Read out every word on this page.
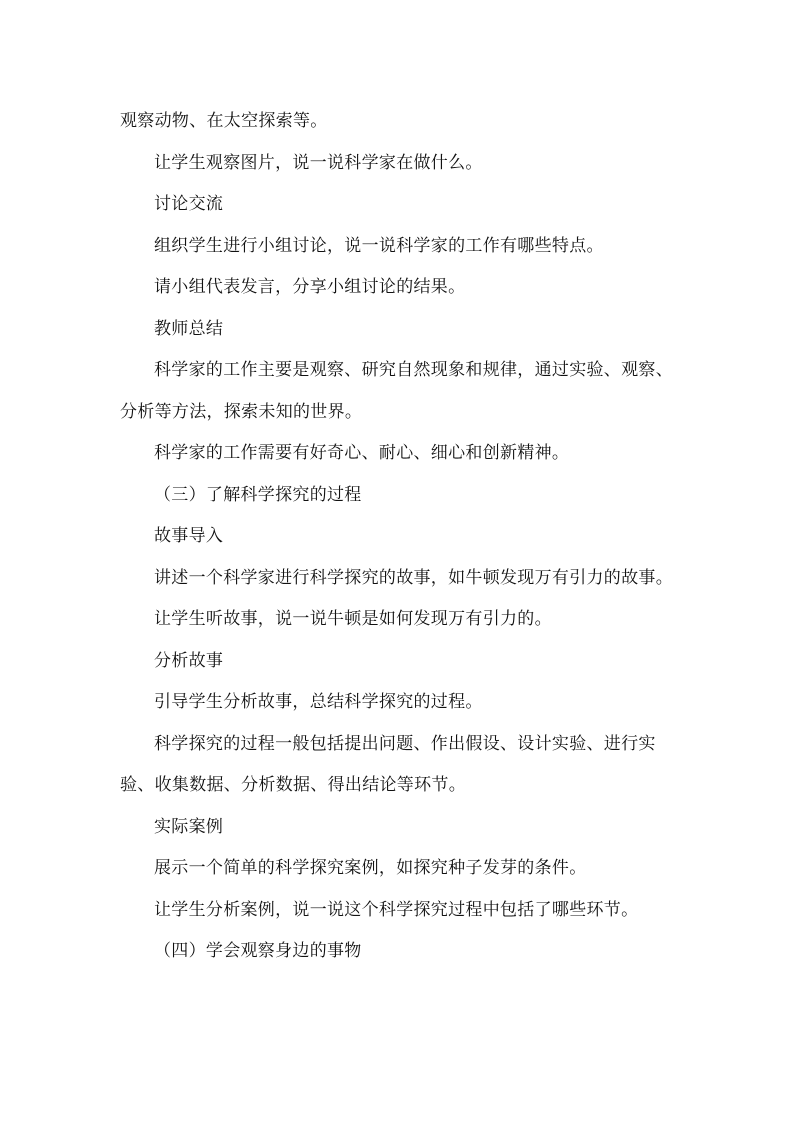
观察动物、在太空探索等。

让学生观察图片，说一说科学家在做什么。

讨论交流

组织学生进行小组讨论，说一说科学家的工作有哪些特点。

请小组代表发言，分享小组讨论的结果。

教师总结

科学家的工作主要是观察、研究自然现象和规律，通过实验、观察、分析等方法，探索未知的世界。

科学家的工作需要有好奇心、耐心、细心和创新精神。

（三）了解科学探究的过程

故事导入

讲述一个科学家进行科学探究的故事，如牛顿发现万有引力的故事。

让学生听故事，说一说牛顿是如何发现万有引力的。

分析故事

引导学生分析故事，总结科学探究的过程。

科学探究的过程一般包括提出问题、作出假设、设计实验、进行实验、收集数据、分析数据、得出结论等环节。

实际案例

展示一个简单的科学探究案例，如探究种子发芽的条件。

让学生分析案例，说一说这个科学探究过程中包括了哪些环节。

（四）学会观察身边的事物
